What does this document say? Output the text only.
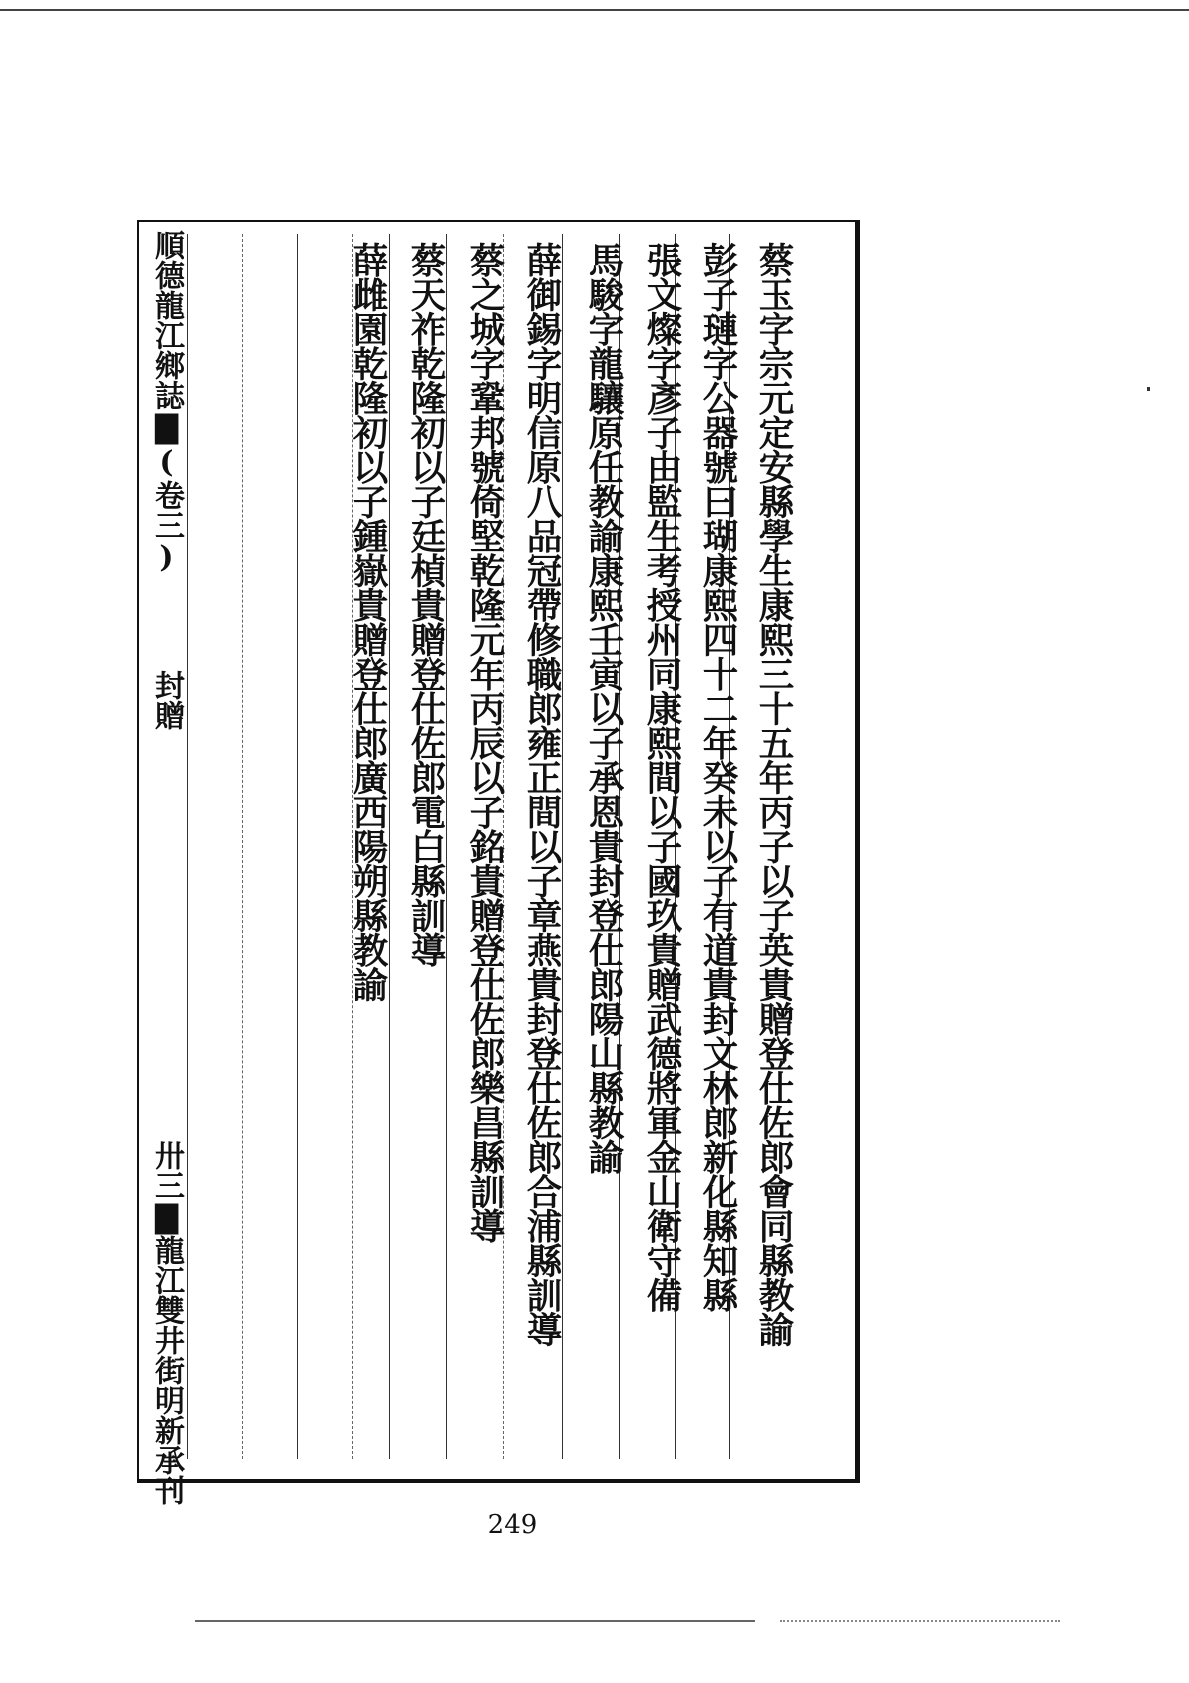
順德龍江鄉誌▇(卷三)
封贈
卅三▇龍江雙井街明新承刊	蔡玉字宗元定安縣學生康熙三十五年丙子以子英貴贈登仕佐郎會同縣教諭
彭子璉字公器號曰瑚康熙四十二年癸未以子有道貴封文林郎新化縣知縣
張文燦字彥子由監生考授州同康熙間以子國玖貴贈武德將軍金山衛守備
馬駿字龍驤原任教諭康熙壬寅以子承恩貴封登仕郎陽山縣教諭
薛御錫字明信原八品冠帶修職郎雍正間以子章燕貴封登仕佐郎合浦縣訓導
蔡之城字鞏邦號倚堅乾隆元年丙辰以子銘貴贈登仕佐郎樂昌縣訓導
蔡天祚乾隆初以子廷楨貴贈登仕佐郎電白縣訓導
薛雌園乾隆初以子鍾嶽貴贈登仕郎廣西陽朔縣教諭
249
